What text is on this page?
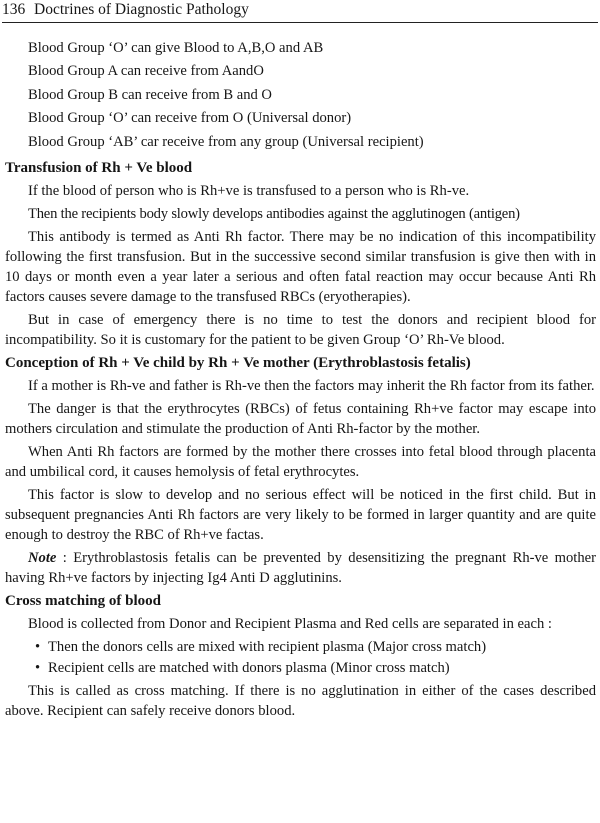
136 Doctrines of Diagnostic Pathology
Blood Group ‘O’ can give Blood to A,B,O and AB
Blood Group A can receive from AandO
Blood Group B can receive from B and O
Blood Group ‘O’ can receive from O (Universal donor)
Blood Group ‘AB’ car receive from any group (Universal recipient)
Transfusion of Rh + Ve blood

If the blood of person who is Rh+ve is transfused to a person who is Rh-ve.

Then the recipients body slowly develops antibodies against the agglutinogen (antigen)

This antibody is termed as Anti Rh factor. There may be no indication of this incompatibility following the first transfusion. But in the successive second similar transfusion is give then with in 10 days or month even a year later a serious and often fatal reaction may occur because Anti Rh factors causes severe damage to the transfused RBCs (eryotherapies).

But in case of emergency there is no time to test the donors and recipient blood for incompatibility. So it is customary for the patient to be given Group ‘O’ Rh-Ve blood.

Conception of Rh + Ve child by Rh + Ve mother (Erythroblastosis fetalis)

If a mother is Rh-ve and father is Rh-ve then the factors may inherit the Rh factor from its father.

The danger is that the erythrocytes (RBCs) of fetus containing Rh+ve factor may escape into mothers circulation and stimulate the production of Anti Rh-factor by the mother.

When Anti Rh factors are formed by the mother there crosses into fetal blood through placenta and umbilical cord, it causes hemolysis of fetal erythrocytes.

This factor is slow to develop and no serious effect will be noticed in the first child. But in subsequent pregnancies Anti Rh factors are very likely to be formed in larger quantity and are quite enough to destroy the RBC of Rh+ve factas.

Note : Erythroblastosis fetalis can be prevented by desensitizing the pregnant Rh-ve mother having Rh+ve factors by injecting Ig4 Anti D agglutinins.

Cross matching of blood

Blood is collected from Donor and Recipient Plasma and Red cells are separated in each :

• Then the donors cells are mixed with recipient plasma (Major cross match)
• Recipient cells are matched with donors plasma (Minor cross match)

This is called as cross matching. If there is no agglutination in either of the cases described above. Recipient can safely receive donors blood.
